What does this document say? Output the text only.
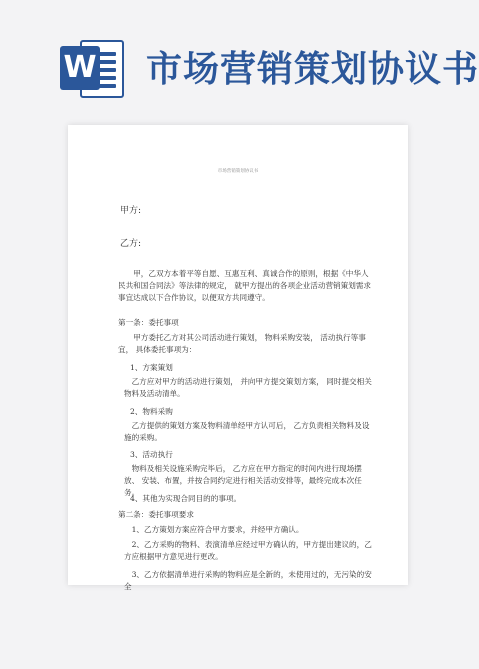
W 市场营销策划协议书
市场营销策划协议书

甲方:

乙方:

甲，乙双方本着平等自愿、互惠互利、真诚合作的原则，根据《中华人民共和国合同法》等法律的规定， 就甲方提出的各项企业活动营销策划需求事宜达成以下合作协议，以便双方共同遵守。

第一条：委托事项

甲方委托乙方对其公司活动进行策划， 物料采购安装， 活动执行等事宜， 具体委托事项为：

1、方案策划

乙方应对甲方的活动进行策划， 并向甲方提交策划方案， 同时提交相关物料及活动清单。

2、物料采购

乙方提供的策划方案及物料清单经甲方认可后， 乙方负责相关物料及设施的采购。

3、活动执行

物料及相关设施采购完毕后， 乙方应在甲方指定的时间内进行现场摆放、 安装、布置，并按合同约定进行相关活动安排等，最终完成本次任务。

4、其他为实现合同目的的事项。

第二条：委托事项要求

1、乙方策划方案应符合甲方要求，并经甲方确认。

2、乙方采购的物料、表演清单应经过甲方确认的，甲方提出建议的，乙方应根据甲方意见进行更改。

3、乙方依据清单进行采购的物料应是全新的，未使用过的，无污染的安全
